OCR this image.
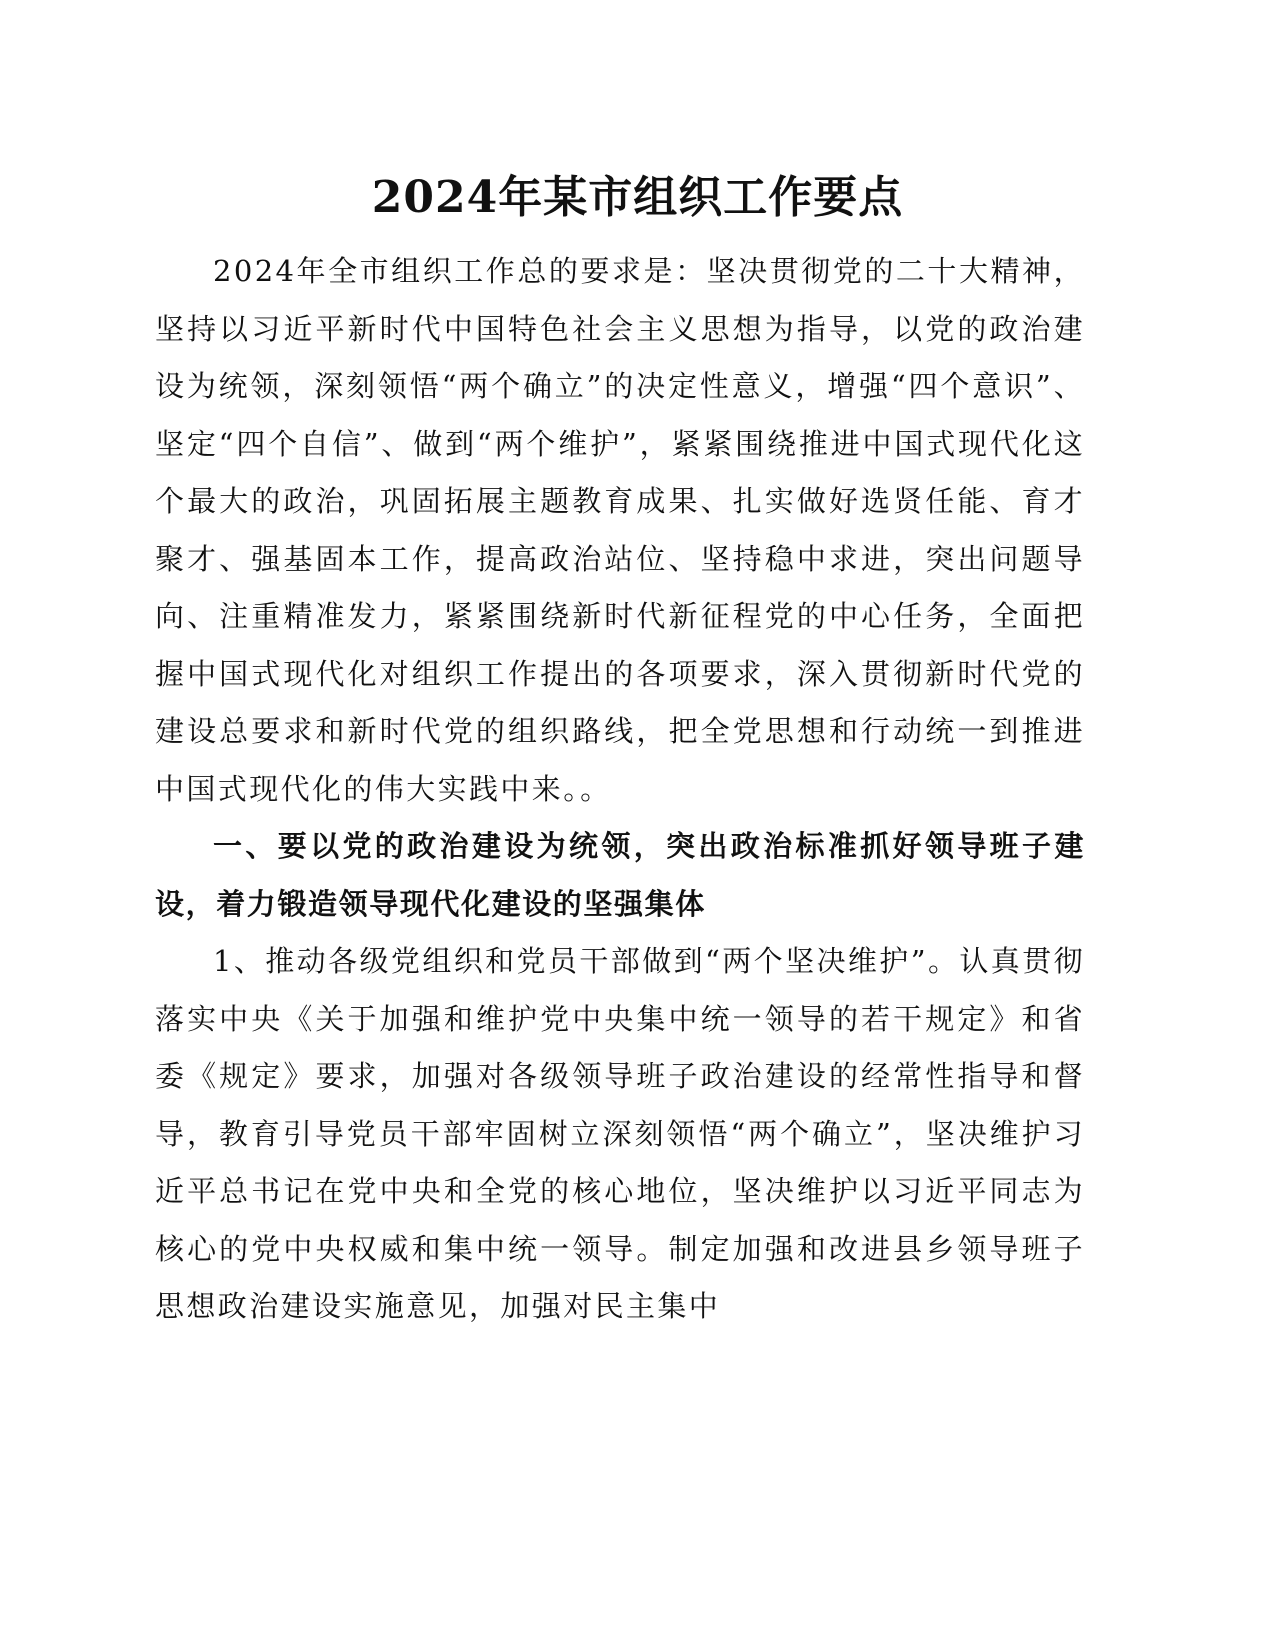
2024年某市组织工作要点

2024年全市组织工作总的要求是：坚决贯彻党的二十大精神，坚持以习近平新时代中国特色社会主义思想为指导，以党的政治建设为统领，深刻领悟“两个确立”的决定性意义，增强“四个意识”、坚定“四个自信”、做到“两个维护”，紧紧围绕推进中国式现代化这个最大的政治，巩固拓展主题教育成果、扎实做好选贤任能、育才聚才、强基固本工作，提高政治站位、坚持稳中求进，突出问题导向、注重精准发力，紧紧围绕新时代新征程党的中心任务，全面把握中国式现代化对组织工作提出的各项要求，深入贯彻新时代党的建设总要求和新时代党的组织路线，把全党思想和行动统一到推进中国式现代化的伟大实践中来。。

一、要以党的政治建设为统领，突出政治标准抓好领导班子建设，着力锻造领导现代化建设的坚强集体

1、推动各级党组织和党员干部做到“两个坚决维护”。认真贯彻落实中央《关于加强和维护党中央集中统一领导的若干规定》和省委《规定》要求，加强对各级领导班子政治建设的经常性指导和督导，教育引导党员干部牢固树立深刻领悟“两个确立”，坚决维护习近平总书记在党中央和全党的核心地位，坚决维护以习近平同志为核心的党中央权威和集中统一领导。制定加强和改进县乡领导班子思想政治建设实施意见，加强对民主集中
